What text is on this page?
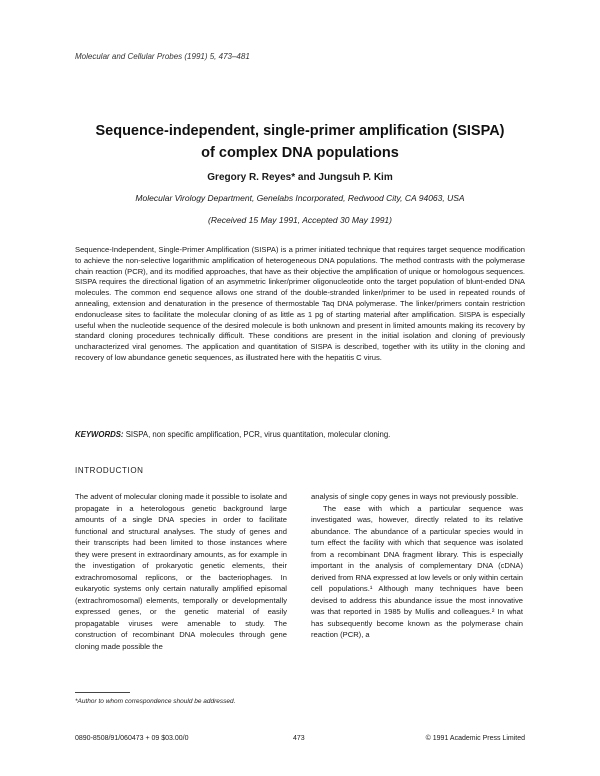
Molecular and Cellular Probes (1991) 5, 473–481
Sequence-independent, single-primer amplification (SISPA)
of complex DNA populations
Gregory R. Reyes* and Jungsuh P. Kim
Molecular Virology Department, Genelabs Incorporated, Redwood City, CA 94063, USA
(Received 15 May 1991, Accepted 30 May 1991)

Sequence-Independent, Single-Primer Amplification (SISPA) is a primer initiated technique that requires target sequence modification to achieve the non-selective logarithmic amplification of heterogeneous DNA populations. The method contrasts with the polymerase chain reaction (PCR), and its modified approaches, that have as their objective the amplification of unique or homologous sequences. SISPA requires the directional ligation of an asymmetric linker/primer oligonucleotide onto the target population of blunt-ended DNA molecules. The common end sequence allows one strand of the double-stranded linker/primer to be used in repeated rounds of annealing, extension and denaturation in the presence of thermostable Taq DNA polymerase. The linker/primers contain restriction endonuclease sites to facilitate the molecular cloning of as little as 1 pg of starting material after amplification. SISPA is especially useful when the nucleotide sequence of the desired molecule is both unknown and present in limited amounts making its recovery by standard cloning procedures technically difficult. These conditions are present in the initial isolation and cloning of previously uncharacterized viral genomes. The application and quantitation of SISPA is described, together with its utility in the cloning and recovery of low abundance genetic sequences, as illustrated here with the hepatitis C virus.

KEYWORDS: SISPA, non specific amplification, PCR, virus quantitation, molecular cloning.
INTRODUCTION

The advent of molecular cloning made it possible to isolate and propagate in a heterologous genetic background large amounts of a single DNA species in order to facilitate functional and structural analyses. The study of genes and their transcripts had been limited to those instances where they were present in extraordinary amounts, as for example in the investigation of prokaryotic genetic elements, their extrachromosomal replicons, or the bacteriophages. In eukaryotic systems only certain naturally amplified episomal (extrachromosomal) elements, temporally or developmentally expressed genes, or the genetic material of easily propagatable viruses were amenable to study. The construction of recombinant DNA molecules through gene cloning made possible the

analysis of single copy genes in ways not previously possible.

The ease with which a particular sequence was investigated was, however, directly related to its relative abundance. The abundance of a particular species would in turn effect the facility with which that sequence was isolated from a recombinant DNA fragment library. This is especially important in the analysis of complementary DNA (cDNA) derived from RNA expressed at low levels or only within certain cell populations.¹ Although many techniques have been devised to address this abundance issue the most innovative was that reported in 1985 by Mullis and colleagues.² In what has subsequently become known as the polymerase chain reaction (PCR), a

*Author to whom correspondence should be addressed.
0890-8508/91/060473 + 09 $03.00/0	473	© 1991 Academic Press Limited
